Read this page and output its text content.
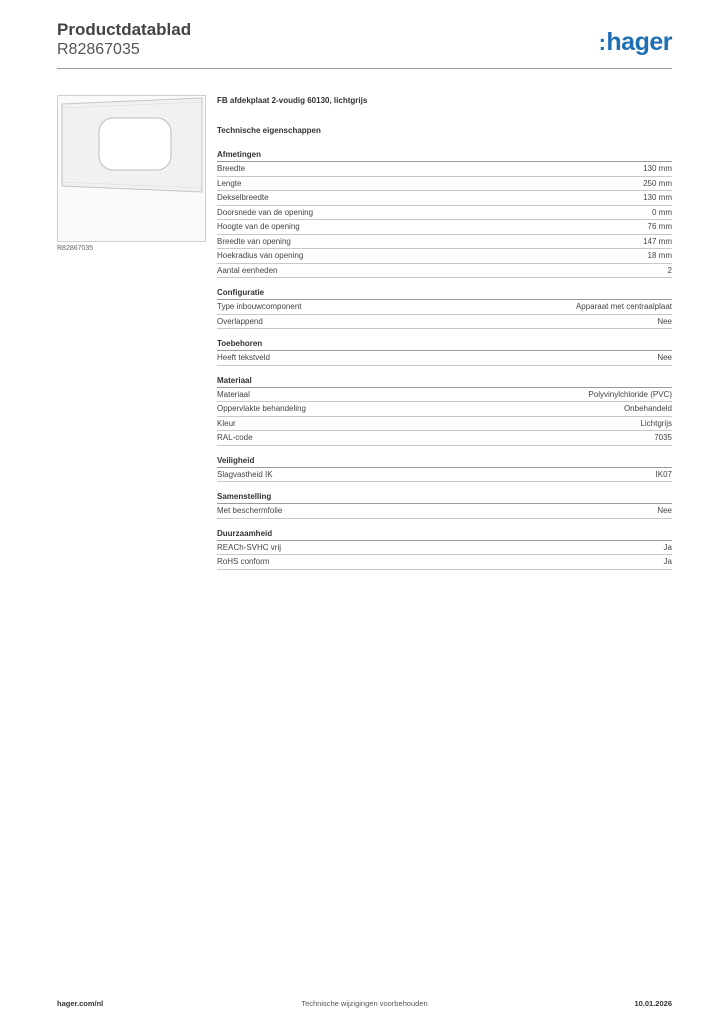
Productdatablad
R82867035	:hager
R82867035
FB afdekplaat 2-voudig 60130, lichtgrijs
Technische eigenschappen
Afmetingen
Breedte	130 mm
Lengte	250 mm
Dekselbreedte	130 mm
Doorsnede van de opening	0 mm
Hoogte van de opening	76 mm
Breedte van opening	147 mm
Hoekradius van opening	18 mm
Aantal eenheden	2
Configuratie
Type inbouwcomponent	Apparaat met centraalplaat
Overlappend	Nee
Toebehoren
Heeft tekstveld	Nee
Materiaal
Materiaal	Polyvinylchloride (PVC)
Oppervlakte behandeling	Onbehandeld
Kleur	Lichtgrijs
RAL-code	7035
Veiligheid
Slagvastheid IK	IK07
Samenstelling
Met beschermfolie	Nee
Duurzaamheid
REACh-SVHC vrij	Ja
RoHS conform	Ja
hager.com/nl	Technische wijzigingen voorbehouden	10.01.2026
